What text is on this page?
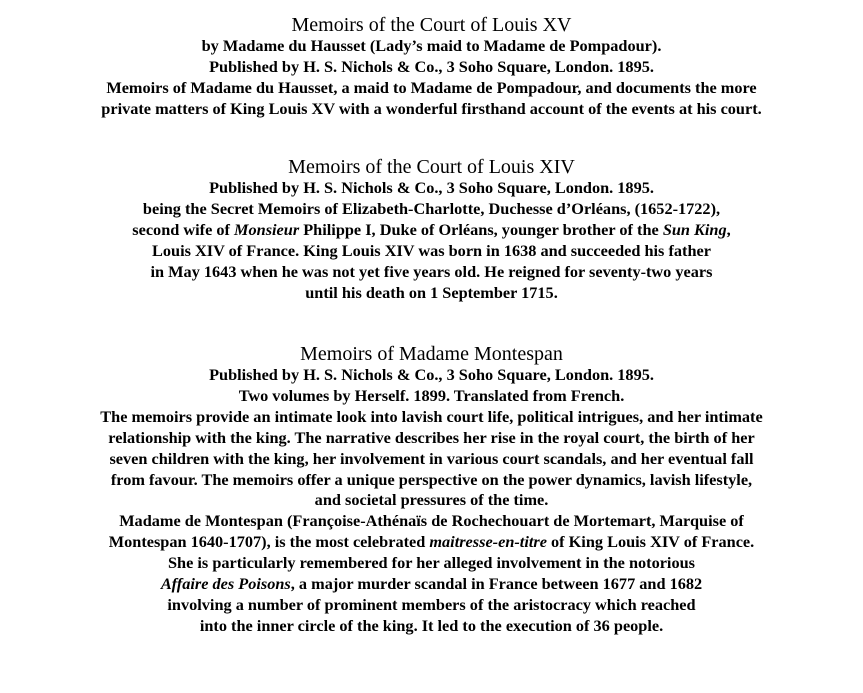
Memoirs of the Court of Louis XV
by Madame du Hausset (Lady’s maid to Madame de Pompadour).
Published by H. S. Nichols & Co., 3 Soho Square, London. 1895.
Memoirs of Madame du Hausset, a maid to Madame de Pompadour, and documents the more
private matters of King Louis XV with a wonderful firsthand account of the events at his court.
Memoirs of the Court of Louis XIV
Published by H. S. Nichols & Co., 3 Soho Square, London. 1895.
being the Secret Memoirs of Elizabeth-Charlotte, Duchesse d’Orléans, (1652-1722),
second wife of Monsieur Philippe I, Duke of Orléans, younger brother of the Sun King,
Louis XIV of France. King Louis XIV was born in 1638 and succeeded his father
in May 1643 when he was not yet five years old. He reigned for seventy-two years
until his death on 1 September 1715.
Memoirs of Madame Montespan
Published by H. S. Nichols & Co., 3 Soho Square, London. 1895.
Two volumes by Herself. 1899. Translated from French.
The memoirs provide an intimate look into lavish court life, political intrigues, and her intimate
relationship with the king. The narrative describes her rise in the royal court, the birth of her
seven children with the king, her involvement in various court scandals, and her eventual fall
from favour. The memoirs offer a unique perspective on the power dynamics, lavish lifestyle,
and societal pressures of the time.
Madame de Montespan (Françoise-Athénaïs de Rochechouart de Mortemart, Marquise of
Montespan 1640-1707), is the most celebrated maitresse-en-titre of King Louis XIV of France.
She is particularly remembered for her alleged involvement in the notorious
Affaire des Poisons, a major murder scandal in France between 1677 and 1682
involving a number of prominent members of the aristocracy which reached
into the inner circle of the king. It led to the execution of 36 people.
